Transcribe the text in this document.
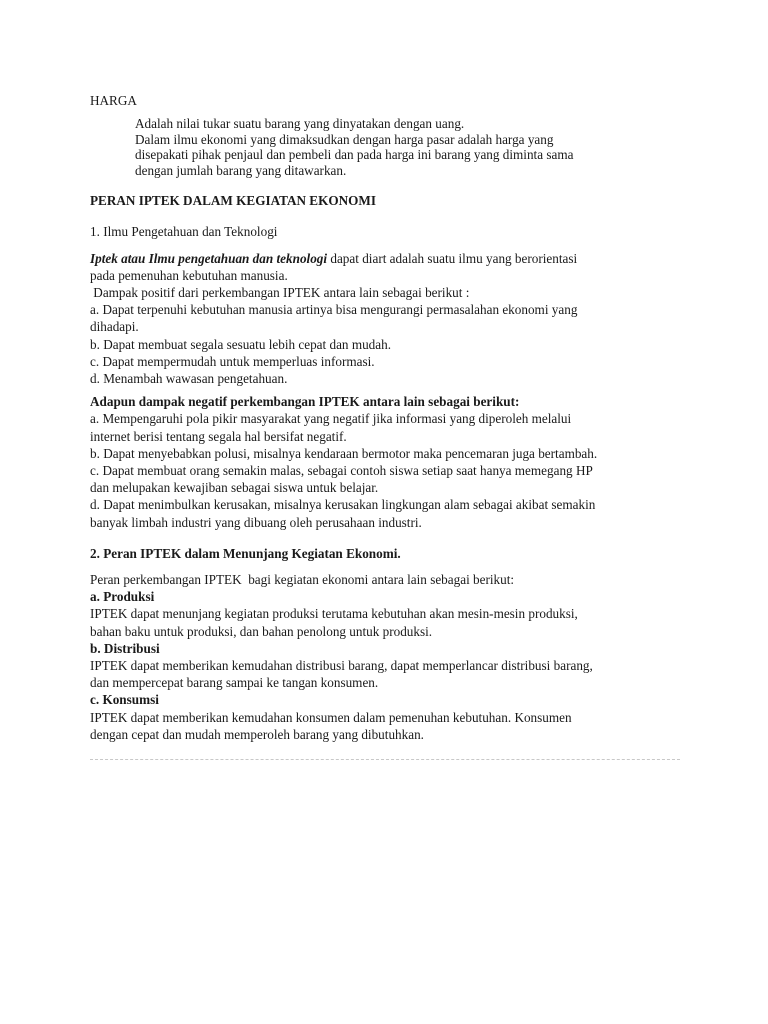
HARGA
Adalah nilai tukar suatu barang yang dinyatakan dengan uang.
Dalam ilmu ekonomi yang dimaksudkan dengan harga pasar adalah harga yang
disepakati pihak penjaul dan pembeli dan pada harga ini barang yang diminta sama
dengan jumlah barang yang ditawarkan.
PERAN IPTEK DALAM KEGIATAN EKONOMI
1. Ilmu Pengetahuan dan Teknologi
Iptek atau Ilmu pengetahuan dan teknologi dapat diart adalah suatu ilmu yang berorientasi
pada pemenuhan kebutuhan manusia.
Dampak positif dari perkembangan IPTEK antara lain sebagai berikut :
a. Dapat terpenuhi kebutuhan manusia artinya bisa mengurangi permasalahan ekonomi yang
dihadapi.
b. Dapat membuat segala sesuatu lebih cepat dan mudah.
c. Dapat mempermudah untuk memperluas informasi.
d. Menambah wawasan pengetahuan.
Adapun dampak negatif perkembangan IPTEK antara lain sebagai berikut:
a. Mempengaruhi pola pikir masyarakat yang negatif jika informasi yang diperoleh melalui
internet berisi tentang segala hal bersifat negatif.
b. Dapat menyebabkan polusi, misalnya kendaraan bermotor maka pencemaran juga bertambah.
c. Dapat membuat orang semakin malas, sebagai contoh siswa setiap saat hanya memegang HP
dan melupakan kewajiban sebagai siswa untuk belajar.
d. Dapat menimbulkan kerusakan, misalnya kerusakan lingkungan alam sebagai akibat semakin
banyak limbah industri yang dibuang oleh perusahaan industri.
2. Peran IPTEK dalam Menunjang Kegiatan Ekonomi.
Peran perkembangan IPTEK  bagi kegiatan ekonomi antara lain sebagai berikut:
a. Produksi
IPTEK dapat menunjang kegiatan produksi terutama kebutuhan akan mesin-mesin produksi,
bahan baku untuk produksi, dan bahan penolong untuk produksi.
b. Distribusi
IPTEK dapat memberikan kemudahan distribusi barang, dapat memperlancar distribusi barang,
dan mempercepat barang sampai ke tangan konsumen.
c. Konsumsi
IPTEK dapat memberikan kemudahan konsumen dalam pemenuhan kebutuhan. Konsumen
dengan cepat dan mudah memperoleh barang yang dibutuhkan.
